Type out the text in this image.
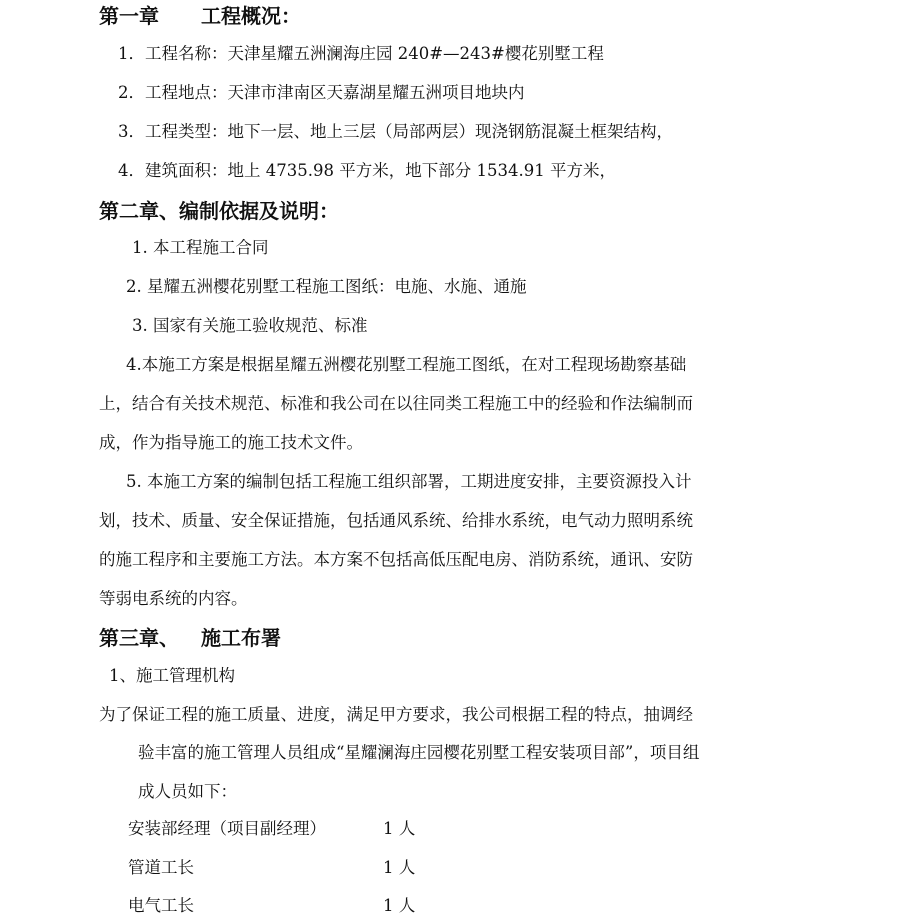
第一章 工程概况：
1．工程名称：天津星耀五洲澜海庄园 240#—243#樱花别墅工程
2．工程地点：天津市津南区天嘉湖星耀五洲项目地块内
3．工程类型：地下一层、地上三层（局部两层）现浇钢筋混凝土框架结构，
4．建筑面积：地上 4735.98 平方米，地下部分 1534.91 平方米，
第二章、编制依据及说明：
1. 本工程施工合同
2. 星耀五洲樱花别墅工程施工图纸：电施、水施、通施
3. 国家有关施工验收规范、标准
4.本施工方案是根据星耀五洲樱花别墅工程施工图纸，在对工程现场勘察基础
上，结合有关技术规范、标准和我公司在以往同类工程施工中的经验和作法编制而
成，作为指导施工的施工技术文件。
5. 本施工方案的编制包括工程施工组织部署，工期进度安排，主要资源投入计
划，技术、质量、安全保证措施，包括通风系统、给排水系统，电气动力照明系统
的施工程序和主要施工方法。本方案不包括高低压配电房、消防系统，通讯、安防
等弱电系统的内容。
第三章、 施工布署
1、施工管理机构
为了保证工程的施工质量、进度，满足甲方要求，我公司根据工程的特点，抽调经
验丰富的施工管理人员组成“星耀澜海庄园樱花别墅工程安装项目部”，项目组
成人员如下：
安装部经理（项目副经理）	1 人
管道工长	1 人
电气工长	1 人
